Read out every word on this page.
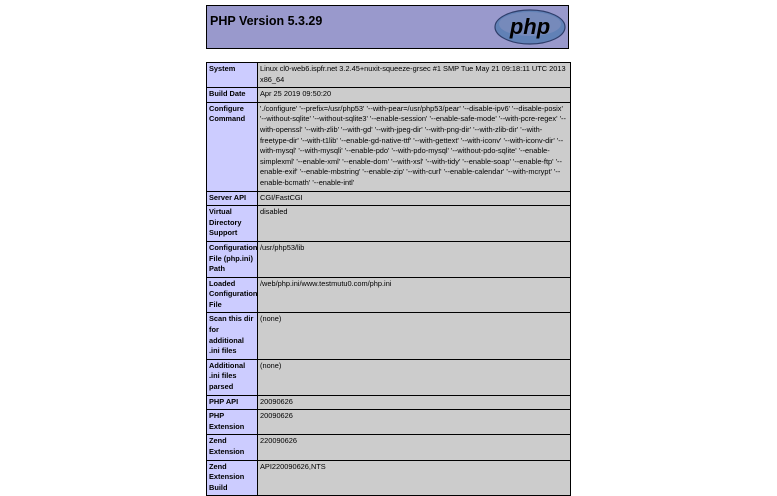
PHP Version 5.3.29	php
System	Linux cl0-web6.ispfr.net 3.2.45+nuxit-squeeze-grsec #1 SMP Tue May 21 09:18:11 UTC 2013 x86_64
Build Date	Apr 25 2019 09:50:20
Configure Command	'./configure' '--prefix=/usr/php53' '--with-pear=/usr/php53/pear' '--disable-ipv6' '--disable-posix' '--without-sqlite' '--without-sqlite3' '--enable-session' '--enable-safe-mode' '--with-pcre-regex' '--with-openssl' '--with-zlib' '--with-gd' '--with-jpeg-dir' '--with-png-dir' '--with-zlib-dir' '--with-freetype-dir' '--with-t1lib' '--enable-gd-native-ttf' '--with-gettext' '--with-iconv' '--with-iconv-dir' '--with-mysql' '--with-mysqli' '--enable-pdo' '--with-pdo-mysql' '--without-pdo-sqlite' '--enable-simplexml' '--enable-xml' '--enable-dom' '--with-xsl' '--with-tidy' '--enable-soap' '--enable-ftp' '--enable-exif' '--enable-mbstring' '--enable-zip' '--with-curl' '--enable-calendar' '--with-mcrypt' '--enable-bcmath' '--enable-intl'
Server API	CGI/FastCGI
Virtual Directory Support	disabled
Configuration File (php.ini) Path	/usr/php53/lib
Loaded Configuration File	/web/php.ini/www.testmutu0.com/php.ini
Scan this dir for additional .ini files	(none)
Additional .ini files parsed	(none)
PHP API	20090626
PHP Extension	20090626
Zend Extension	220090626
Zend Extension Build	API220090626,NTS
